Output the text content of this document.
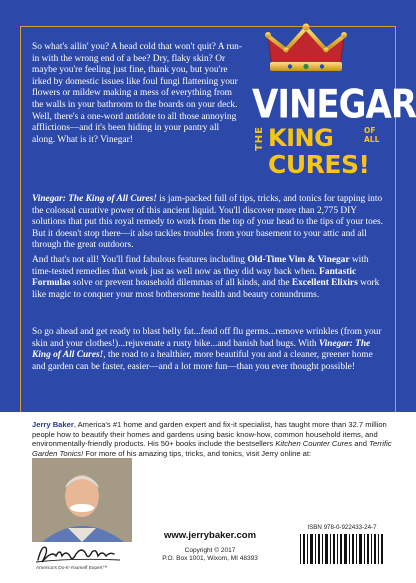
VINEGAR
THE KING	OF ALL
CURES!

So what's ailin' you? A head cold that won't quit? A run-in with the wrong end of a bee? Dry, flaky skin? Or maybe you're feeling just fine, thank you, but you're irked by domestic issues like foul fungi flattening your flowers or mildew making a mess of everything from the walls in your bathroom to the boards on your deck. Well, there's a one-word antidote to all those annoying afflictions—and it's been hiding in your pantry all along. What is it? Vinegar!

Vinegar: The King of All Cures! is jam-packed full of tips, tricks, and tonics for tapping into the colossal curative power of this ancient liquid. You'll discover more than 2,775 DIY solutions that put this royal remedy to work from the top of your head to the tips of your toes. But it doesn't stop there—it also tackles troubles from your basement to your attic and all through the great outdoors.

And that's not all! You'll find fabulous features including Old-Time Vim & Vinegar with time-tested remedies that work just as well now as they did way back when. Fantastic Formulas solve or prevent household dilemmas of all kinds, and the Excellent Elixirs work like magic to conquer your most bothersome health and beauty conundrums.

So go ahead and get ready to blast belly fat...fend off flu germs...remove wrinkles (from your skin and your clothes!)...rejuvenate a rusty bike...and banish bad bugs. With Vinegar: The King of All Cures!, the road to a healthier, more beautiful you and a cleaner, greener home and garden can be faster, easier—and a lot more fun—than you ever thought possible!

Jerry Baker, America's #1 home and garden expert and fix-it specialist, has taught more than 32.7 million people how to beautify their homes and gardens using basic know-how, common household items, and environmentally-friendly products. His 50+ books include the bestsellers Kitchen Counter Cures and Terrific Garden Tonics! For more of his amazing tips, tricks, and tonics, visit Jerry online at:

America's Do-It-Yourself Expert™
www.jerrybaker.com
Copyright © 2017
P.O. Box 1001, Wixom, MI 48393
ISBN 978-0-922433-24-7
